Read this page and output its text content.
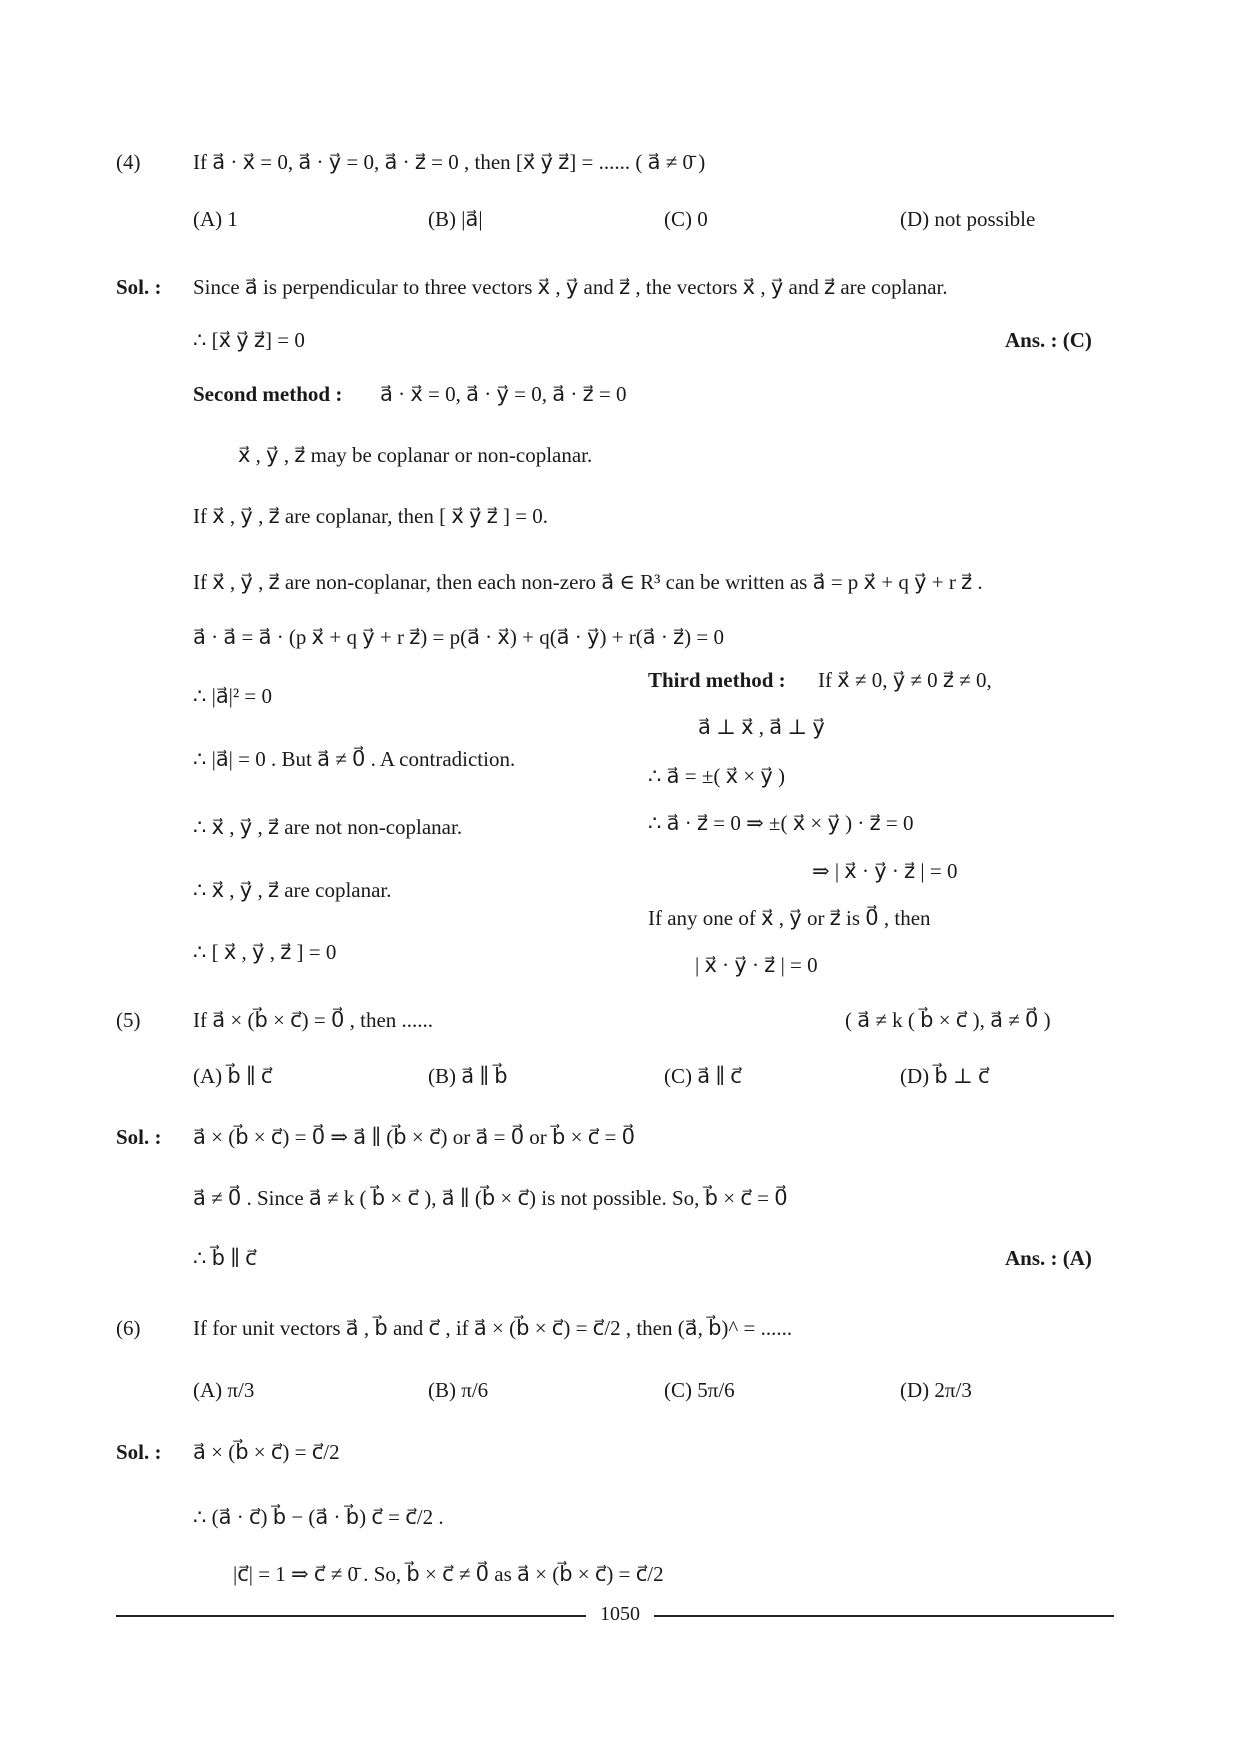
(4)	If a⃗ · x⃗ = 0, a⃗ · y⃗ = 0, a⃗ · z⃗ = 0 , then [x⃗ y⃗ z⃗] = ...... ( a⃗ ≠ 0̄ )
(A) 1	(B) |a⃗|	(C) 0	(D) not possible
Sol. : Since a⃗ is perpendicular to three vectors x⃗ , y⃗ and z⃗ , the vectors x⃗ , y⃗ and z⃗ are coplanar.
∴ [x⃗ y⃗ z⃗] = 0	Ans. : (C)
Second method : a⃗ · x⃗ = 0, a⃗ · y⃗ = 0, a⃗ · z⃗ = 0
x⃗ , y⃗ , z⃗ may be coplanar or non-coplanar.
If x⃗ , y⃗ , z⃗ are coplanar, then [ x⃗ y⃗ z⃗ ] = 0.
If x⃗ , y⃗ , z⃗ are non-coplanar, then each non-zero a⃗ ∈ R³ can be written as a⃗ = p x⃗ + q y⃗ + r z⃗ .
a⃗ · a⃗ = a⃗ · (p x⃗ + q y⃗ + r z⃗) = p(a⃗ · x⃗) + q(a⃗ · y⃗) + r(a⃗ · z⃗) = 0
∴ |a⃗|² = 0
∴ |a⃗| = 0 . But a⃗ ≠ 0⃗ . A contradiction.
∴ x⃗ , y⃗ , z⃗ are not non-coplanar.
∴ x⃗ , y⃗ , z⃗ are coplanar.
∴ [ x⃗ , y⃗ , z⃗ ] = 0
Third method : If x⃗ ≠ 0, y⃗ ≠ 0 z⃗ ≠ 0,
a⃗ ⊥ x⃗ , a⃗ ⊥ y⃗
∴ a⃗ = ±( x⃗ × y⃗ )
∴ a⃗ · z⃗ = 0 ⇒ ±( x⃗ × y⃗ ) · z⃗ = 0
⇒ | x⃗ · y⃗ · z⃗ | = 0
If any one of x⃗ , y⃗ or z⃗ is 0⃗ , then
| x⃗ · y⃗ · z⃗ | = 0
(5)	If a⃗ × (b⃗ × c⃗) = 0⃗ , then ......	( a⃗ ≠ k ( b⃗ × c⃗ ), a⃗ ≠ 0⃗ )
(A) b⃗ ∥ c⃗	(B) a⃗ ∥ b⃗	(C) a⃗ ∥ c⃗	(D) b⃗ ⊥ c⃗
Sol. : a⃗ × (b⃗ × c⃗) = 0⃗ ⇒ a⃗ ∥ (b⃗ × c⃗) or a⃗ = 0⃗ or b⃗ × c⃗ = 0⃗
a⃗ ≠ 0⃗ . Since a⃗ ≠ k ( b⃗ × c⃗ ), a⃗ ∥ (b⃗ × c⃗) is not possible. So, b⃗ × c⃗ = 0⃗
∴ b⃗ ∥ c⃗	Ans. : (A)
(6)	If for unit vectors a⃗ , b⃗ and c⃗ , if a⃗ × (b⃗ × c⃗) = c⃗/2 , then (a⃗, b⃗)^ = ......
(A) π/3	(B) π/6	(C) 5π/6	(D) 2π/3
Sol. : a⃗ × (b⃗ × c⃗) = c⃗/2
∴ (a⃗ · c⃗) b⃗ − (a⃗ · b⃗) c⃗ = c⃗/2 .
|c⃗| = 1 ⇒ c⃗ ≠ 0̄ . So, b⃗ × c⃗ ≠ 0⃗ as a⃗ × (b⃗ × c⃗) = c⃗/2
1050
